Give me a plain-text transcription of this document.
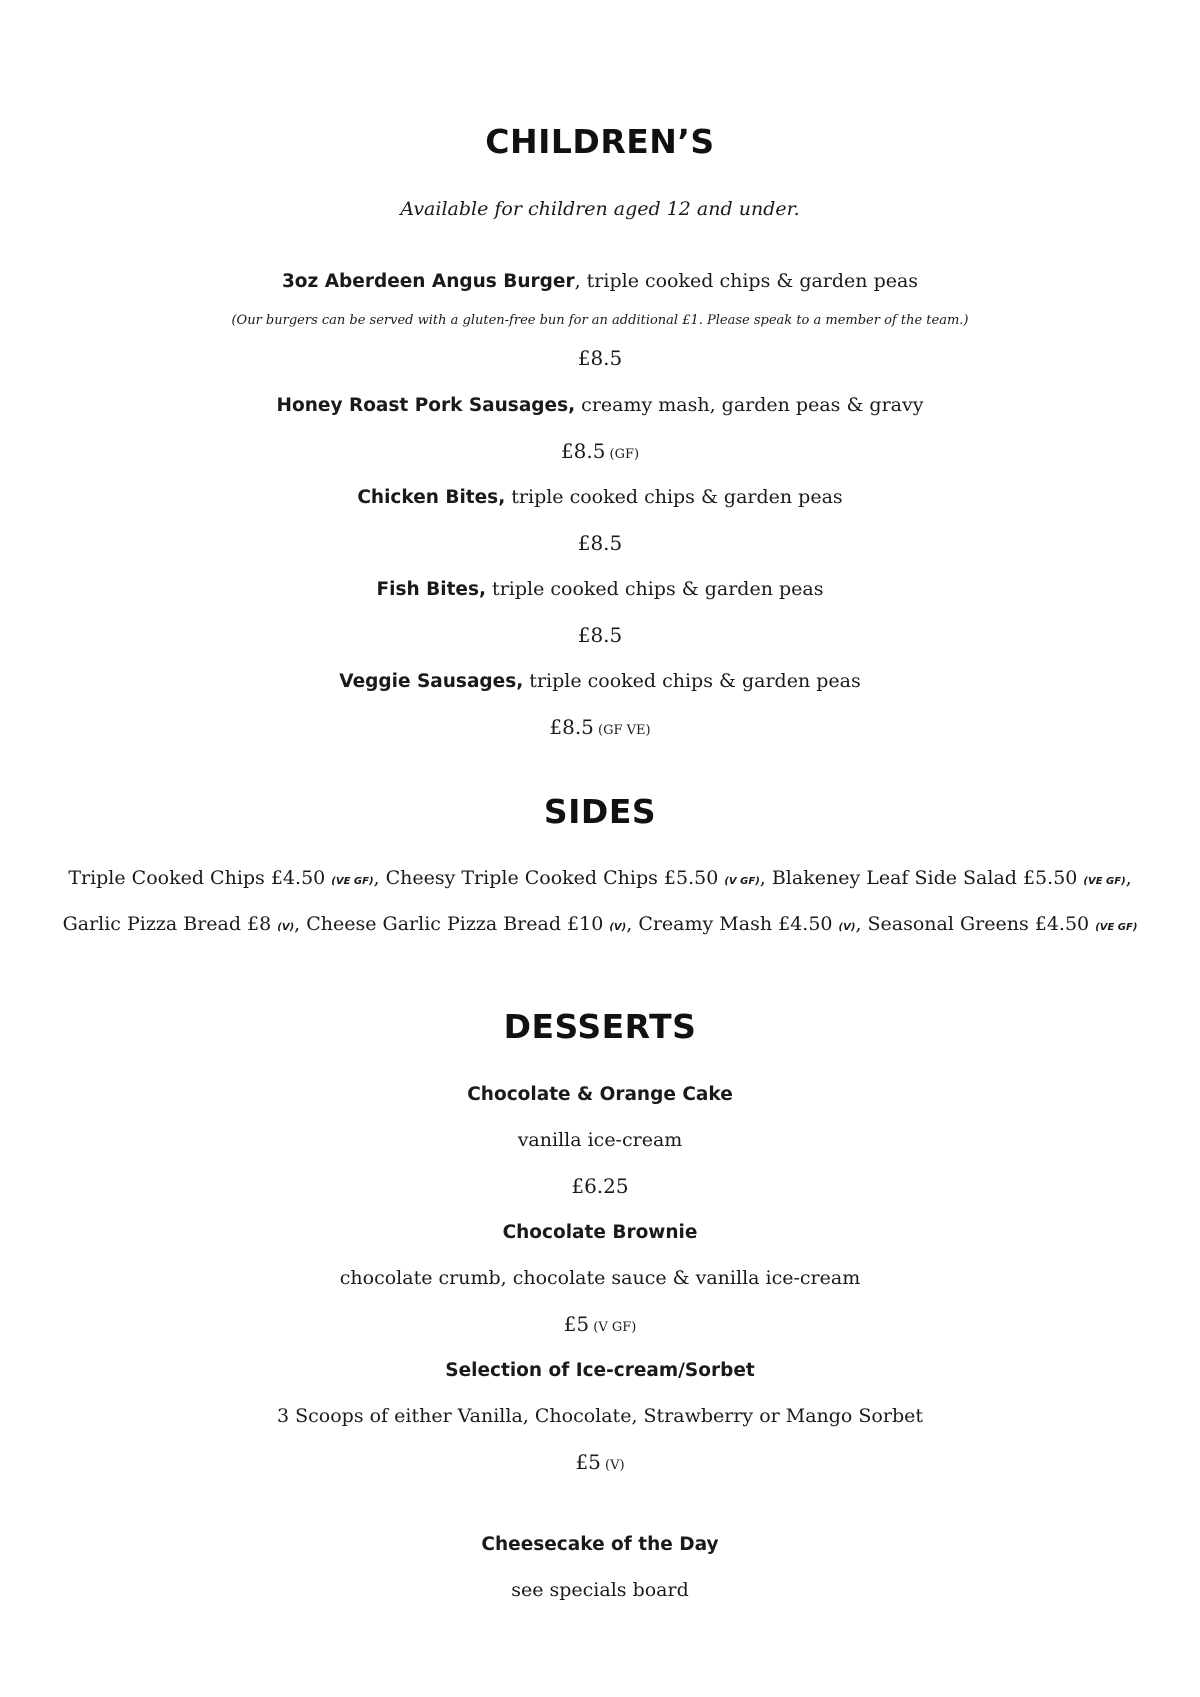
CHILDREN’S
Available for children aged 12 and under.
3oz Aberdeen Angus Burger, triple cooked chips & garden peas
(Our burgers can be served with a gluten-free bun for an additional £1. Please speak to a member of the team.)
£8.5
Honey Roast Pork Sausages, creamy mash, garden peas & gravy
£8.5 (GF)
Chicken Bites, triple cooked chips & garden peas
£8.5
Fish Bites, triple cooked chips & garden peas
£8.5
Veggie Sausages, triple cooked chips & garden peas
£8.5 (GF VE)
SIDES
Triple Cooked Chips £4.50 (VE GF), Cheesy Triple Cooked Chips £5.50 (V GF), Blakeney Leaf Side Salad £5.50 (VE GF),
Garlic Pizza Bread £8 (V), Cheese Garlic Pizza Bread £10 (V), Creamy Mash £4.50 (V), Seasonal Greens £4.50 (VE GF)
DESSERTS
Chocolate & Orange Cake
vanilla ice-cream
£6.25
Chocolate Brownie
chocolate crumb, chocolate sauce & vanilla ice-cream
£5 (V GF)
Selection of Ice-cream/Sorbet
3 Scoops of either Vanilla, Chocolate, Strawberry or Mango Sorbet
£5 (V)
Cheesecake of the Day
see specials board
